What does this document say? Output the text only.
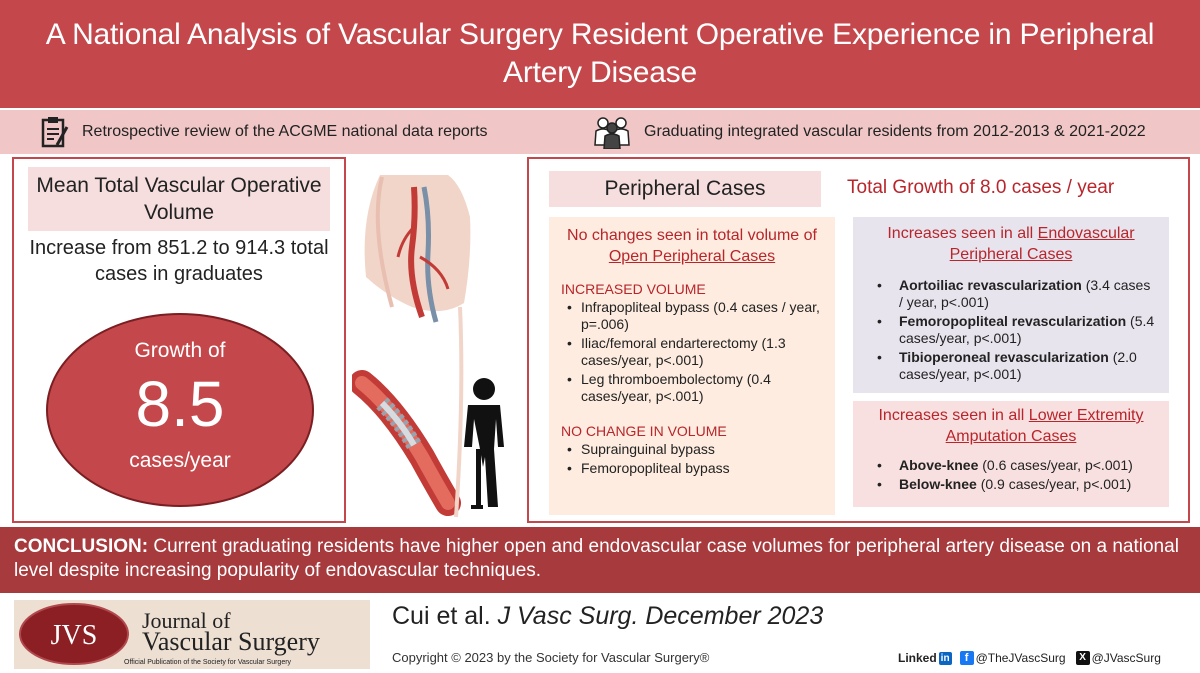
A National Analysis of Vascular Surgery Resident Operative Experience in Peripheral Artery Disease
Retrospective review of the ACGME national data reports	Graduating integrated vascular residents from 2012-2013 & 2021-2022
Mean Total Vascular Operative Volume
Increase from 851.2 to 914.3 total cases in graduates
Growth of
8.5
cases/year
Peripheral Cases	Total Growth of 8.0 cases / year
No changes seen in total volume of Open Peripheral Cases
INCREASED VOLUME
• Infrapopliteal bypass (0.4 cases / year, p=.006)
• Iliac/femoral endarterectomy (1.3 cases/year, p<.001)
• Leg thromboembolectomy (0.4 cases/year, p<.001)
NO CHANGE IN VOLUME
• Suprainguinal bypass
• Femoropopliteal bypass
Increases seen in all Endovascular Peripheral Cases
• Aortoiliac revascularization (3.4 cases / year, p<.001)
• Femoropopliteal revascularization (5.4 cases/year, p<.001)
• Tibioperoneal revascularization (2.0 cases/year, p<.001)
Increases seen in all Lower Extremity Amputation Cases
• Above-knee (0.6 cases/year, p<.001)
• Below-knee (0.9 cases/year, p<.001)
CONCLUSION: Current graduating residents have higher open and endovascular case volumes for peripheral artery disease on a national level despite increasing popularity of endovascular techniques.
JVS Journal of
Vascular Surgery
Official Publication of the Society for Vascular Surgery
Cui et al. J Vasc Surg. December 2023
Copyright © 2023 by the Society for Vascular Surgery®	Linked in	f @TheJVascSurg	X @JVascSurg
